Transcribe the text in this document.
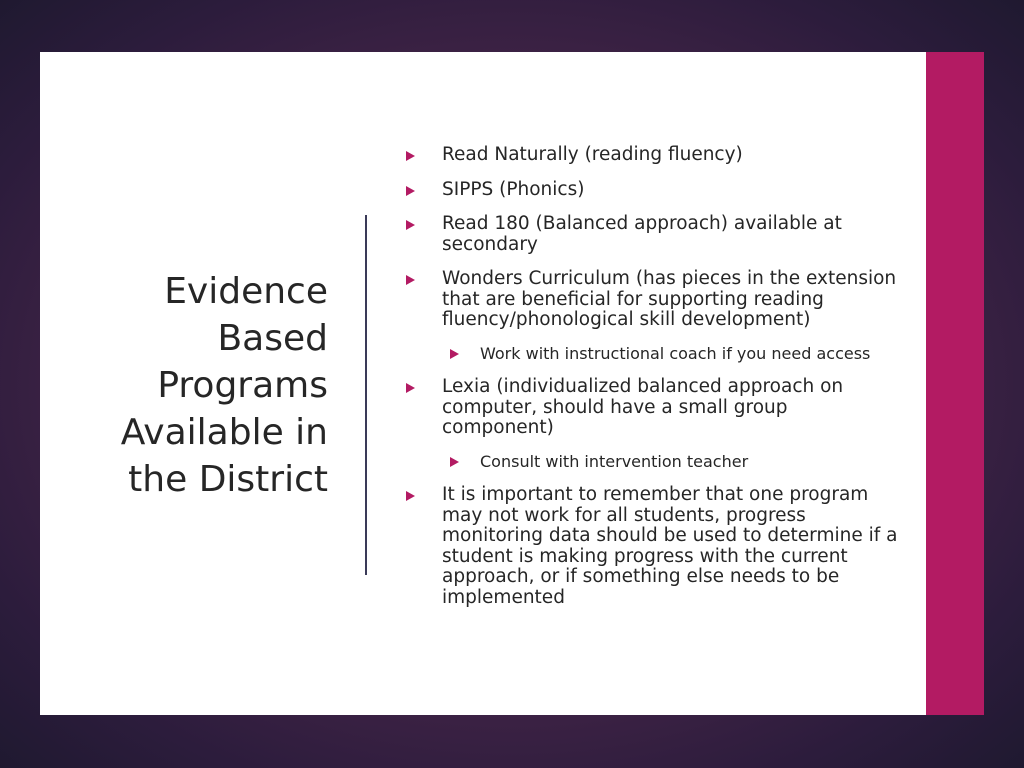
Evidence
Based
Programs
Available in
the District
Read Naturally (reading fluency)
SIPPS (Phonics)
Read 180 (Balanced approach) available at secondary
Wonders Curriculum (has pieces in the extension that are beneficial for supporting reading fluency/phonological skill development)
Work with instructional coach if you need access
Lexia (individualized balanced approach on computer, should have a small group component)
Consult with intervention teacher
It is important to remember that one program may not work for all students, progress monitoring data should be used to determine if a student is making progress with the current approach, or if something else needs to be implemented
